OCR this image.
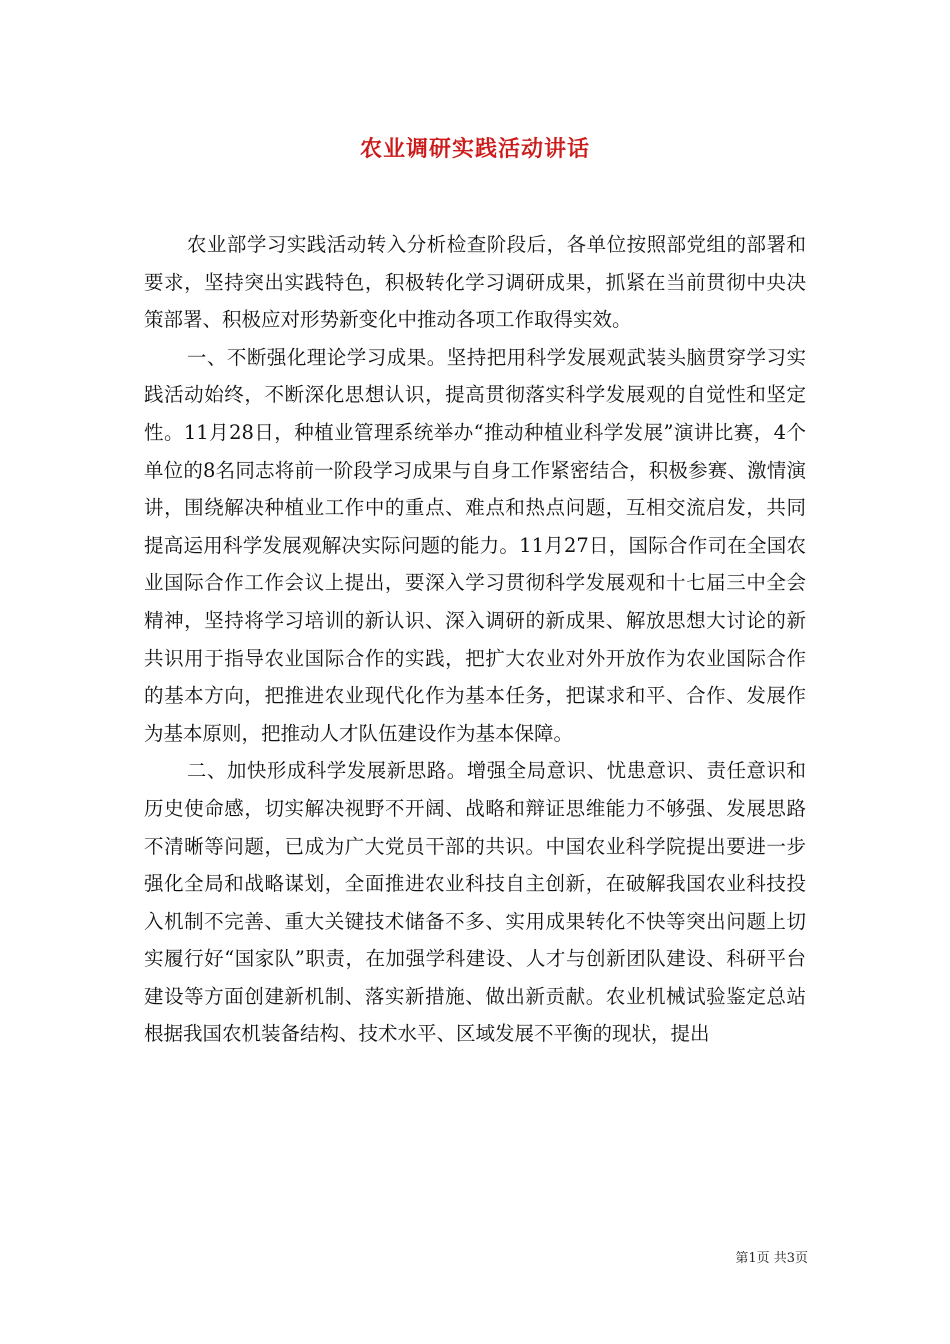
农业调研实践活动讲话

农业部学习实践活动转入分析检查阶段后，各单位按照部党组的部署和要求，坚持突出实践特色，积极转化学习调研成果，抓紧在当前贯彻中央决策部署、积极应对形势新变化中推动各项工作取得实效。

一、不断强化理论学习成果。坚持把用科学发展观武装头脑贯穿学习实践活动始终，不断深化思想认识，提高贯彻落实科学发展观的自觉性和坚定性。11月28日，种植业管理系统举办“推动种植业科学发展”演讲比赛，4个单位的8名同志将前一阶段学习成果与自身工作紧密结合，积极参赛、激情演讲，围绕解决种植业工作中的重点、难点和热点问题，互相交流启发，共同提高运用科学发展观解决实际问题的能力。11月27日，国际合作司在全国农业国际合作工作会议上提出，要深入学习贯彻科学发展观和十七届三中全会精神，坚持将学习培训的新认识、深入调研的新成果、解放思想大讨论的新共识用于指导农业国际合作的实践，把扩大农业对外开放作为农业国际合作的基本方向，把推进农业现代化作为基本任务，把谋求和平、合作、发展作为基本原则，把推动人才队伍建设作为基本保障。

二、加快形成科学发展新思路。增强全局意识、忧患意识、责任意识和历史使命感，切实解决视野不开阔、战略和辩证思维能力不够强、发展思路不清晰等问题，已成为广大党员干部的共识。中国农业科学院提出要进一步强化全局和战略谋划，全面推进农业科技自主创新，在破解我国农业科技投入机制不完善、重大关键技术储备不多、实用成果转化不快等突出问题上切实履行好“国家队”职责，在加强学科建设、人才与创新团队建设、科研平台建设等方面创建新机制、落实新措施、做出新贡献。农业机械试验鉴定总站根据我国农机装备结构、技术水平、区域发展不平衡的现状，提出

第1页 共3页
